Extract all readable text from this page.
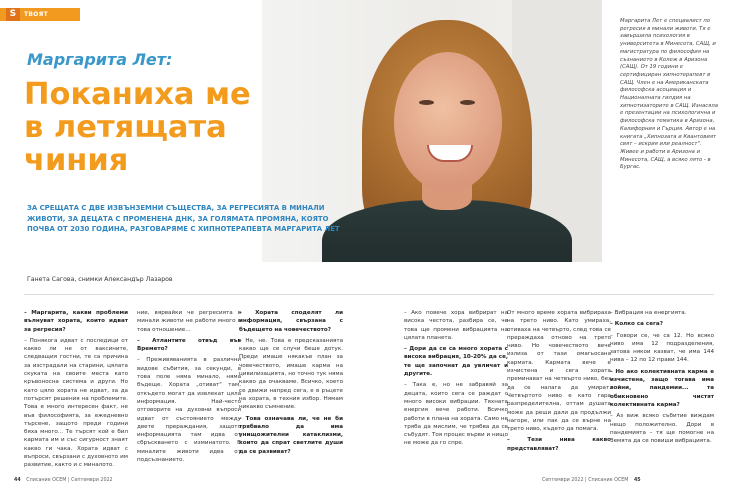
S	ТВОЯТ КОСМОС
Маргарита Лет:
Поканиха ме
в летящата
чиния
ЗА СРЕЩАТА С ДВЕ ИЗВЪНЗЕМНИ СЪЩЕСТВА, ЗА РЕГРЕСИЯТА В МИНАЛИ ЖИВОТИ, ЗА ДЕЦАТА С ПРОМЕНЕНА ДНК, ЗА ГОЛЯМАТА ПРОМЯНА, КОЯТО ПОЧВА ОТ 2030 ГОДИНА, РАЗГОВАРЯМЕ С ХИПНОТЕРАПЕВТА МАРГАРИТА ЛЕТ
Ганета Сагова, снимки Александър Лазаров
Маргарита Лет е специалист по регресия в минали животи. Тя е завършила психология в университета в Минесота, САЩ, и магистратура по философия на съзнанието в Колеж в Аризона (САЩ). От 19 години е сертифициран хипнотерапевт в САЩ. Член е на Американската философска асоциация и Националната гилдия на хипнотизаторите в САЩ. Изнасяла е презентации на психологична и философска тематика в Аризона, Калифорния и Гърция. Автор е на книгата „Хипнозата и Квантовият свят – искрия или реалност". Живее и работи в Аризона и Минесота, САЩ, а всяко лято - в Бургас.

– Маргарита, какви проблеми вълнуват хората, които идват за регресия?

– Понякога идват с последици от какво ли не от ваксините, следващия гостни, те са причина за изстрадали на старини, цялата скуката на своите места като кръвоносна система и други. Но като цяло хората не идват, за да потърсят решения на проблемите. Това е много интересен факт, не във философията, за ежедневно търсене, защото преди години бяха много... Те търсят кой е бил кармата им и със сигурност знаят какво ги чака. Хората идват с въпроси, свързани с духовното им развитие, както и с миналото.

ние, вярвайки че регресията в минали животи не работи много в това отношение...

– Атлантите отвъд във Времето?

– Преживяванията в различни видове събития, за секунди, в това поле няма минало, няма бъдеще. Хората „отиват" там, откъдето могат да извлекат цяла информация. Най-често отговорите на духовни въпроси идват от състоянието между двете прераждания, защото информацията там идва от сбръскването с изминатото. В миналите животи идва от подсъзнанието.

– Хората споделят ли информация, свързана с бъдещето на човечеството?

– Не, не. Това е предсказанията какво ще се случи беше дотук. Преди имаше някакъв план за човечеството, имаше карма на цивилизацията, но точно тук няма какво да очакваме. Всичко, което се движи напред сега, е в ръцете на хората, в техния избор. Нямам никакво съмнение.

– Това означава ли, че не би трябвало да има унищожителни катаклизми, които да спрат светлите души да се развиват?

– Ако повече хора вибрират на висока честота, разбира се, че това ще промени вибрацията на цялата планета.

– Дори да се са много хората с висока вибрация, 10-20% да се, те ще започнат да увличат и другите.

– Така е, но не забравяй за децата, които сега се раждат с много високи вибрации. Тяхната енергия вече работи. Всичко работи в плана на хората. Само не тряба да мислим, че трябва да се събудят. Тоя процес върви и нищо не може да го спре.

От много време хората вибрираха на трето ниво. Като умираха, отиваха на четвърто, след това се прераждаха отново на трето ниво. Но човечеството вече излиза от тази омагьосана кармата. Кармата вече е изчистена и сега хората преминават на четвърто ниво, без да се налага да умират. Четвъртото ниво е като гара разпределителна, оттам душата може да реши дали да продължи нагоре, или пак да се върне на трето ниво, където да помага.

– Тези нива какво представляват?

– Вибрация на енергията.

– Колко са сега?

– Говори се, че са 12. Но всяко ниво има 12 подразделения, затова някои казват, че има 144 нива – 12 по 12 прави 144.

– Но ако колективната карма е изчистена, защо тогава има войни, пандемии... та обикновено чистят колективната карма?

– Аз виж всяко събитие виждам нещо положително. Дори в пандемията – тя ще помогне на Земята да се повиши вибрацията.

44 Списание ОСЕМ | Септември 2022	Септември 2022 | Списание ОСЕМ 45
